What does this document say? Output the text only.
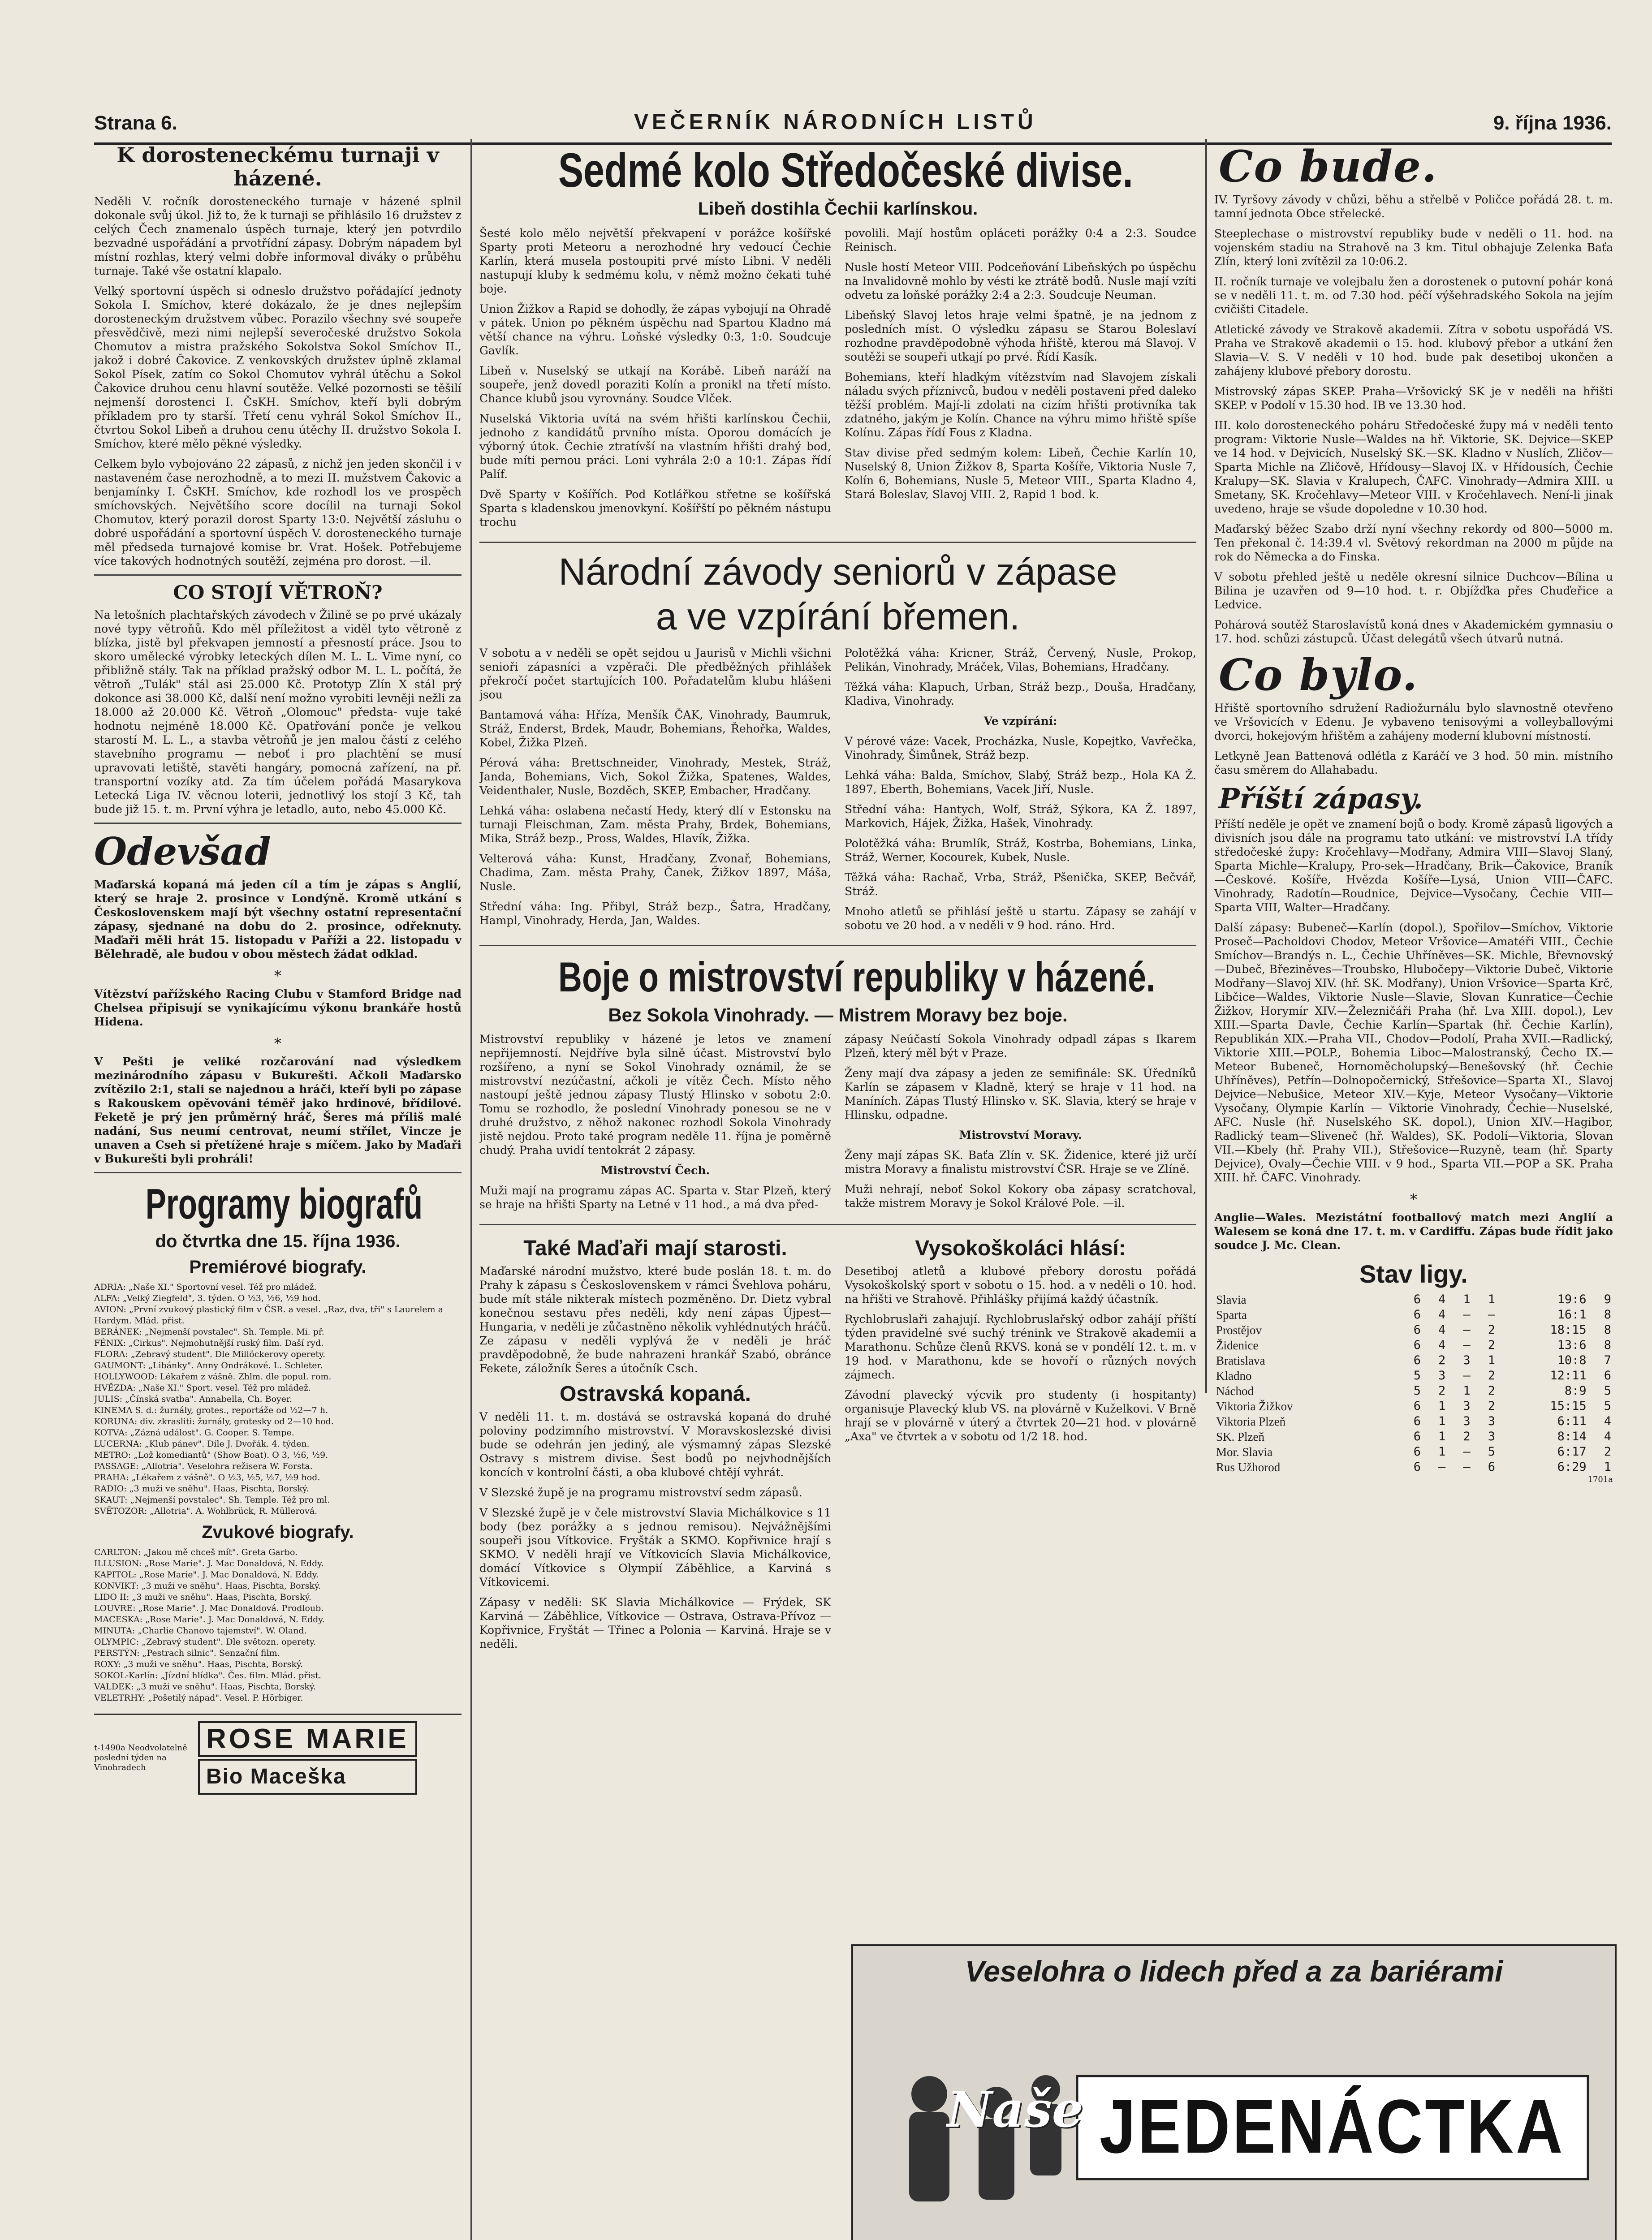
Strana 6.	VEČERNÍK NÁRODNÍCH LISTŮ	9. října 1936.
K dorosteneckému turnaji v házené.

Neděli V. ročník dorosteneckého turnaje v házené splnil dokonale svůj úkol. Již to, že k turnaji se přihlásilo 16 družstev z celých Čech znamenalo úspěch turnaje, který jen potvrdilo bezvadné uspořádání a prvotřídní zápasy. Dobrým nápadem byl místní rozhlas, který velmi dobře informoval diváky o průběhu turnaje. Také vše ostatní klapalo.

Velký sportovní úspěch si odneslo družstvo pořádající jednoty Sokola I. Smíchov, které dokázalo, že je dnes nejlepším dorosteneckým družstvem vůbec. Porazilo všechny své soupeře přesvědčivě, mezi nimi nejlepší severočeské družstvo Sokola Chomutov a mistra pražského Sokolstva Sokol Smíchov II., jakož i dobré Čakovice. Z venkovských družstev úplně zklamal Sokol Písek, zatím co Sokol Chomutov vyhrál útěchu a Sokol Čakovice druhou cenu hlavní soutěže. Velké pozornosti se těšilí nejmenší dorostenci I. ČsKH. Smíchov, kteří byli dobrým příkladem pro ty starší. Třetí cenu vyhrál Sokol Smíchov II., čtvrtou Sokol Libeň a druhou cenu útěchy II. družstvo Sokola I. Smíchov, které mělo pěkné výsledky.

Celkem bylo vybojováno 22 zápasů, z nichž jen jeden skončil i v nastaveném čase nerozhodně, a to mezi II. mužstvem Čakovic a benjamínky I. ČsKH. Smíchov, kde rozhodl los ve prospěch smíchovských. Největšího score docílil na turnaji Sokol Chomutov, který porazil dorost Sparty 13:0. Největší zásluhu o dobré uspořádání a sportovní úspěch V. dorosteneckého turnaje měl předseda turnajové komise br. Vrat. Hošek. Potřebujeme více takových hodnotných soutěží, zejména pro dorost. —il.

CO STOJÍ VĚTROŇ?

Na letošních plachtařských závodech v Žilině se po prvé ukázaly nové typy větroňů. Kdo měl příležitost a viděl tyto větroně z blízka, jistě byl překvapen jemností a přesností práce. Jsou to skoro umělecké výrobky leteckých dílen M. L. L. Vime nyní, co přibližně stály. Tak na příklad pražský odbor M. L. L. počítá, že větroň „Tulák" stál asi 25.000 Kč. Prototyp Zlín X stál prý dokonce asi 38.000 Kč, další není možno vyrobiti levněji nežli za 18.000 až 20.000 Kč. Větroň „Olomouc" předsta- vuje také hodnotu nejméně 18.000 Kč. Opatřování ponče je velkou starostí M. L. L., a stavba větroňů je jen malou částí z celého stavebního programu — neboť i pro plachtění se musí upravovati letiště, stavěti hangáry, pomocná zařízení, na př. transportní vozíky atd. Za tím účelem pořádá Masarykova Letecká Liga IV. věcnou loterii, jednotlivý los stojí 3 Kč, tah bude již 15. t. m. První výhra je letadlo, auto, nebo 45.000 Kč.

Odevšad

Maďarská kopaná má jeden cíl a tím je zápas s Anglií, který se hraje 2. prosince v Londýně. Kromě utkání s Československem mají být všechny ostatní representační zápasy, sjednané na dobu do 2. prosince, odřeknuty. Maďaři měli hrát 15. listopadu v Paříži a 22. listopadu v Bělehradě, ale budou v obou městech žádat odklad.

*

Vítězství pařížského Racing Clubu v Stamford Bridge nad Chelsea připisují se vynikajícímu výkonu brankáře hostů Hidena.

*

V Pešti je veliké rozčarování nad výsledkem mezinárodního zápasu v Bukurešti. Ačkoli Maďarsko zvítězilo 2:1, stali se najednou a hráči, kteří byli po zápase s Rakouskem opěvováni téměř jako hrdinové, břídilové. Feketě je prý jen průměrný hráč, Šeres má příliš malé nadání, Sus neumí centrovat, neumí střílet, Vincze je unaven a Cseh si přetížené hraje s míčem. Jako by Maďaři v Bukurešti byli prohráli!

Programy biografů
do čtvrtka dne 15. října 1936.
Premiérové biografy.
ADRIA: „Naše XI." Sportovní vesel. Též pro mládež.
ALFA: „Velký Ziegfeld", 3. týden. O ½3, ½6, ½9 hod.
AVION: „První zvukový plastický film v ČSR. a vesel. „Raz, dva, tři" s Laurelem a Hardym. Mlád. přist.
BERÁNEK: „Nejmenší povstalec". Sh. Temple. Mi. př.
FÉNIX: „Cirkus". Nejmohutnější ruský film. Daší ryd.
FLORA: „Zebravý student". Dle Millöckerovy operety.
GAUMONT: „Libánky". Anny Ondrákové. L. Schleter.
HOLLYWOOD: Lékařem z vášně. Zhlm. dle popul. rom.
HVĚZDA: „Naše XI." Sport. vesel. Též pro mládež.
JULIS: „Čínská svatba". Annabella, Ch. Boyer.
KINEMA S. d.: žurnály, grotes., reportáže od ½2—7 h.
KORUNA: div. zkrasliti: žurnály, grotesky od 2—10 hod.
KOTVA: „Zázná událost". G. Cooper. S. Tempe.
LUCERNA: „Klub pánev". Díle J. Dvořák. 4. týden.
METRO: „Lož komediantů" (Show Boat). O 3, ½6, ½9.
PASSAGE: „Allotria". Veselohra režisera W. Forsta.
PRAHA: „Lékařem z vášně". O ½3, ½5, ½7, ½9 hod.
RADIO: „3 muži ve sněhu". Haas, Pischta, Borský.
SKAUT: „Nejmenší povstalec". Sh. Temple. Též pro ml.
SVĚTOZOR: „Allotria". A. Wohlbrück, R. Müllerová.
Zvukové biografy.
CARLTON: „Jakou mě chceš mít". Greta Garbo.
ILLUSION: „Rose Marie". J. Mac Donaldová, N. Eddy.
KAPITOL: „Rose Marie". J. Mac Donaldová, N. Eddy.
KONVIKT: „3 muži ve sněhu". Haas, Pischta, Borský.
LIDO II: „3 muži ve sněhu". Haas, Pischta, Borský.
LOUVRE: „Rose Marie". J. Mac Donaldová. Prodloub.
MACESKA: „Rose Marie". J. Mac Donaldová, N. Eddy.
MINUTA: „Charlie Chanovo tajemství". W. Oland.
OLYMPIC: „Zebravý student". Dle světozn. operety.
PERSTÝN: „Pestrach silnic". Senzační film.
ROXY: „3 muži ve sněhu". Haas, Pischta, Borský.
SOKOL-Karlín: „Jízdní hlídka". Čes. film. Mlád. přist.
VALDEK: „3 muži ve sněhu". Haas, Pischta, Borský.
VELETRHY: „Pošetilý nápad". Vesel. P. Hörbiger.
t-1490a Neodvolatelně poslední týden na Vinohradech
ROSE MARIE
Bio Maceška
Sedmé kolo Středočeské divise.
Libeň dostihla Čechii karlínskou.

Šesté kolo mělo největší překvapení v porážce košířské Sparty proti Meteoru a nerozhodné hry vedoucí Čechie Karlín, která musela postoupiti prvé místo Libni. V neděli nastupují kluby k sedmému kolu, v němž možno čekati tuhé boje.

Union Žižkov a Rapid se dohodly, že zápas vybojují na Ohradě v pátek. Union po pěkném úspěchu nad Spartou Kladno má větší chance na výhru. Loňské výsledky 0:3, 1:0. Soudcuje Gavlík.

Libeň v. Nuselský se utkají na Korábě. Libeň naráží na soupeře, jenž dovedl poraziti Kolín a pronikl na třetí místo. Chance klubů jsou vyrovnány. Soudce Vlček.

Nuselská Viktoria uvítá na svém hřišti karlínskou Čechii, jednoho z kandidátů prvního místa. Oporou domácích je výborný útok. Čechie ztratívší na vlastním hřišti drahý bod, bude míti pernou práci. Loni vyhrála 2:0 a 10:1. Zápas řídí Palíf.

Dvě Sparty v Košířích. Pod Kotlářkou střetne se košířská Sparta s kladenskou jmenovkyní. Košířští po pěkném nástupu trochu

povolili. Mají hostům opláceti porážky 0:4 a 2:3. Soudce Reinisch.

Nusle hostí Meteor VIII. Podceňování Libeňských po úspěchu na Invalidovně mohlo by vésti ke ztrátě bodů. Nusle mají vzíti odvetu za loňské porážky 2:4 a 2:3. Soudcuje Neuman.

Libeňský Slavoj letos hraje velmi špatně, je na jednom z posledních míst. O výsledku zápasu se Starou Boleslaví rozhodne pravděpodobně výhoda hřiště, kterou má Slavoj. V soutěži se soupeři utkají po prvé. Řídí Kasík.

Bohemians, kteří hladkým vítězstvím nad Slavojem získali náladu svých příznivců, budou v neděli postaveni před daleko těžší problém. Mají-li zdolati na cizím hřišti protivníka tak zdatného, jakým je Kolín. Chance na výhru mimo hřiště spíše Kolínu. Zápas řídí Fous z Kladna.

Stav divise před sedmým kolem: Libeň, Čechie Karlín 10, Nuselský 8, Union Žižkov 8, Sparta Košíře, Viktoria Nusle 7, Kolín 6, Bohemians, Nusle 5, Meteor VIII., Sparta Kladno 4, Stará Boleslav, Slavoj VIII. 2, Rapid 1 bod. k.

Národní závody seniorů v zápase
a ve vzpírání břemen.

V sobotu a v neděli se opět sejdou u Jaurisů v Michli všichni senioři zápasníci a vzpěrači. Dle předběžných přihlášek překročí počet startujících 100. Pořadatelům klubu hlášeni jsou

Bantamová váha: Hříza, Menšík ČAK, Vinohrady, Baumruk, Stráž, Enderst, Brdek, Maudr, Bohemians, Řehořka, Waldes, Kobel, Žižka Plzeň.

Pérová váha: Brettschneider, Vinohrady, Mestek, Stráž, Janda, Bohemians, Vich, Sokol Žižka, Spatenes, Waldes, Veidenthaler, Nusle, Bozděch, SKEP, Embacher, Hradčany.

Lehká váha: oslabena nečastí Hedy, který dlí v Estonsku na turnaji Fleischman, Zam. města Prahy, Brdek, Bohemians, Mika, Stráž bezp., Pross, Waldes, Hlavík, Žižka.

Velterová váha: Kunst, Hradčany, Zvonař, Bohemians, Chadima, Zam. města Prahy, Čanek, Žižkov 1897, Máša, Nusle.

Střední váha: Ing. Přibyl, Stráž bezp., Šatra, Hradčany, Hampl, Vinohrady, Herda, Jan, Waldes.

Polotěžká váha: Kricner, Stráž, Červený, Nusle, Prokop, Pelikán, Vinohrady, Mráček, Vilas, Bohemians, Hradčany.

Těžká váha: Klapuch, Urban, Stráž bezp., Douša, Hradčany, Kladiva, Vinohrady.

Ve vzpírání:

V pérové váze: Vacek, Procházka, Nusle, Kopejtko, Vavřečka, Vinohrady, Šimůnek, Stráž bezp.

Lehká váha: Balda, Smíchov, Slabý, Stráž bezp., Hola KA Ž. 1897, Eberth, Bohemians, Vacek Jiří, Nusle.

Střední váha: Hantych, Wolf, Stráž, Sýkora, KA Ž. 1897, Markovich, Hájek, Žižka, Hašek, Vinohrady.

Polotěžká váha: Brumlík, Stráž, Kostrba, Bohemians, Linka, Stráž, Werner, Kocourek, Kubek, Nusle.

Těžká váha: Rachač, Vrba, Stráž, Pšenička, SKEP, Bečvář, Stráž.

Mnoho atletů se přihlásí ještě u startu. Zápasy se zahájí v sobotu ve 20 hod. a v neděli v 9 hod. ráno. Hrd.

Boje o mistrovství republiky v házené.
Bez Sokola Vinohrady. — Mistrem Moravy bez boje.

Mistrovství republiky v házené je letos ve znamení nepřijemností. Nejdříve byla silně účast. Mistrovství bylo rozšířeno, a nyní se Sokol Vinohrady oznámil, že se mistrovství nezúčastní, ačkoli je vítěz Čech. Místo něho nastoupí ještě jednou zápasy Tlustý Hlinsko v sobotu 2:0. Tomu se rozhodlo, že poslední Vinohrady ponesou se ne v druhé družstvo, z něhož nakonec rozhodl Sokola Vinohrady jistě nejdou. Proto také program neděle 11. října je poměrně chudý. Praha uvidí tentokrát 2 zápasy.

Mistrovství Čech.

Muži mají na programu zápas AC. Sparta v. Star Plzeň, který se hraje na hřišti Sparty na Letné v 11 hod., a má dva před-

zápasy Neúčastí Sokola Vinohrady odpadl zápas s Ikarem Plzeň, který měl být v Praze.

Ženy mají dva zápasy a jeden ze semifinále: SK. Úředníků Karlín se zápasem v Kladně, který se hraje v 11 hod. na Maníních. Zápas Tlustý Hlinsko v. SK. Slavia, který se hraje v Hlinsku, odpadne.

Mistrovství Moravy.

Ženy mají zápas SK. Baťa Zlín v. SK. Židenice, které již určí mistra Moravy a finalistu mistrovství ČSR. Hraje se ve Zlíně.

Muži nehrají, neboť Sokol Kokory oba zápasy scratchoval, takže mistrem Moravy je Sokol Králové Pole. —il.

Také Maďaři mají starosti.

Maďarské národní mužstvo, které bude poslán 18. t. m. do Prahy k zápasu s Československem v rámci Švehlova poháru, bude mít stále nikterak místech pozměněno. Dr. Dietz vybral konečnou sestavu přes neděli, kdy není zápas Újpest—Hungaria, v neděli je zůčastněno několik vyhlédnutých hráčů. Ze zápasu v neděli vyplývá že v neděli je hráč pravděpodobně, že bude nahrazeni hrankář Szabó, obránce Fekete, záložník Šeres a útočník Csch.

Ostravská kopaná.

V neděli 11. t. m. dostává se ostravská kopaná do druhé poloviny podzimního mistrovství. V Moravskoslezské divisi bude se odehrán jen jediný, ale výsmamný zápas Slezské Ostravy s mistrem divise. Šest bodů po nejvhodnějších koncích v kontrolní části, a oba klubové chtějí vyhrát.

V Slezské župě je na programu mistrovství sedm zápasů.

V Slezské župě je v čele mistrovství Slavia Michálkovice s 11 body (bez porážky a s jednou remisou). Nejvážnějšími soupeři jsou Vítkovice. Fryšták a SKMO. Kopřivnice hrají s SKMO. V neděli hrají ve Vítkovicích Slavia Michálkovice, domácí Vítkovice s Olympií Záběhlice, a Karviná s Vítkovicemi.

Zápasy v neděli: SK Slavia Michálkovice — Frýdek, SK Karviná — Záběhlice, Vítkovice — Ostrava, Ostrava-Přívoz — Kopřivnice, Fryštát — Třinec a Polonia — Karviná. Hraje se v neděli.

Vysokoškoláci hlásí:

Desetiboj atletů a klubové přebory dorostu pořádá Vysokoškolský sport v sobotu o 15. hod. a v neděli o 10. hod. na hřišti ve Strahově. Přihlášky přijímá každý účastník.

Rychlobruslaři zahajují. Rychlobruslařský odbor zahájí příští týden pravidelné své suchý trénink ve Strakově akademii a Marathonu. Schůze členů RKVS. koná se v pondělí 12. t. m. v 19 hod. v Marathonu, kde se hovoří o různých nových zájmech.

Závodní plavecký výcvik pro studenty (i hospitanty) organisuje Plavecký klub VS. na plovárně v Kuželkovi. V Brně hrají se v plovárně v úterý a čtvrtek 20—21 hod. v plovárně „Axa" ve čtvrtek a v sobotu od 1/2 18. hod.

Co bude.

IV. Tyršovy závody v chůzi, běhu a střelbě v Poličce pořádá 28. t. m. tamní jednota Obce střelecké.

Steeplechase o mistrovství republiky bude v neděli o 11. hod. na vojenském stadiu na Strahově na 3 km. Titul obhajuje Zelenka Baťa Zlín, který loni zvítězil za 10:06.2.

II. ročník turnaje ve volejbalu žen a dorostenek o putovní pohár koná se v neděli 11. t. m. od 7.30 hod. péčí výšehradského Sokola na jejím cvičišti Citadele.

Atletické závody ve Strakově akademii. Zítra v sobotu uspořádá VS. Praha ve Strakově akademii o 15. hod. klubový přebor a utkání žen Slavia—V. S. V neděli v 10 hod. bude pak desetiboj ukončen a zahájeny klubové přebory dorostu.

Mistrovský zápas SKEP. Praha—Vršovický SK je v neděli na hřišti SKEP. v Podolí v 15.30 hod. IB ve 13.30 hod.

III. kolo dorosteneckého poháru Středočeské župy má v neděli tento program: Viktorie Nusle—Waldes na hř. Viktorie, SK. Dejvice—SKEP ve 14 hod. v Dejvicích, Nuselský SK.—SK. Kladno v Nuslích, Zličov—Sparta Michle na Zličově, Hřídousy—Slavoj IX. v Hřídousích, Čechie Kralupy—SK. Slavia v Kralupech, ČAFC. Vinohrady—Admira XIII. u Smetany, SK. Kročehlavy—Meteor VIII. v Kročehlavech. Není-li jinak uvedeno, hraje se všude dopoledne v 10.30 hod.

Maďarský běžec Szabo drží nyní všechny rekordy od 800—5000 m. Ten překonal č. 14:39.4 vl. Světový rekordman na 2000 m půjde na rok do Německa a do Finska.

V sobotu přehled ještě u neděle okresní silnice Duchcov—Bílina u Bilina je uzavřen od 9—10 hod. t. r. Objížďka přes Chuďeřice a Ledvice.

Pohárová soutěž Staroslavístů koná dnes v Akademickém gymnasiu o 17. hod. schůzi zástupců. Účast delegátů všech útvarů nutná.

Co bylo.

Hřiště sportovního sdružení Radiožurnálu bylo slavnostně otevřeno ve Vršovicích v Edenu. Je vybaveno tenisovými a volleyballovými dvorci, hokejovým hřištěm a zahájeny moderní klubovní místností.

Letkyně Jean Battenová odlétla z Karáčí ve 3 hod. 50 min. místního času směrem do Allahabadu.

Příští zápasy.

Příští neděle je opět ve znamení bojů o body. Kromě zápasů ligových a divisních jsou dále na programu tato utkání: ve mistrovství I.A třídy středočeské župy: Kročehlavy—Modřany, Admira VIII—Slavoj Slaný, Sparta Michle—Kralupy, Pro-sek—Hradčany, Brik—Čakovice, Braník—Českové. Košíře, Hvězda Košíře—Lysá, Union VIII—ČAFC. Vinohrady, Radotín—Roudnice, Dejvice—Vysočany, Čechie VIII—Sparta VIII, Walter—Hradčany.

Další zápasy: Bubeneč—Karlín (dopol.), Spořilov—Smíchov, Viktorie Proseč—Pacholdovi Chodov, Meteor Vršovice—Amatéři VIII., Čechie Smíchov—Brandýs n. L., Čechie Uhříněves—SK. Michle, Břevnovský—Dubeč, Březiněves—Troubsko, Hlubočepy—Viktorie Dubeč, Viktorie Modřany—Slavoj XIV. (hř. SK. Modřany), Union Vršovice—Sparta Krč, Libčice—Waldes, Viktorie Nusle—Slavie, Slovan Kunratice—Čechie Žižkov, Horymír XIV.—Železničáři Praha (hř. Lva XIII. dopol.), Lev XIII.—Sparta Davle, Čechie Karlín—Spartak (hř. Čechie Karlín), Republikán XIX.—Praha VII., Chodov—Podolí, Praha XVII.—Radlický, Viktorie XIII.—POLP., Bohemia Liboc—Malostranský, Čecho IX.—Meteor Bubeneč, Hornoměcholupský—Benešovský (hř. Čechie Uhříněves), Petřín—Dolnopočernický, Střešovice—Sparta XI., Slavoj Dejvice—Nebušice, Meteor XIV.—Kyje, Meteor Vysočany—Viktorie Vysočany, Olympie Karlín — Viktorie Vinohrady, Čechie—Nuselské, AFC. Nusle (hř. Nuselského SK. dopol.), Union XIV.—Hagibor, Radlický team—Sliveneč (hř. Waldes), SK. Podolí—Viktoria, Slovan VII.—Kbely (hř. Prahy VII.), Střešovice—Ruzyně, team (hř. Sparty Dejvice), Ovaly—Čechie VIII. v 9 hod., Sparta VII.—POP a SK. Praha XIII. hř. ČAFC. Vinohrady.

*

Anglie—Wales. Mezistátní footballový match mezi Anglií a Walesem se koná dne 17. t. m. v Cardiffu. Zápas bude řídit jako soudce J. Mc. Clean.

Stav ligy.
Slavia	6	4	1	1	19:6	9
Sparta	6	4	—	—	16:1	8
Prostějov	6	4	—	2	18:15	8
Židenice	6	4	—	2	13:6	8
Bratislava	6	2	3	1	10:8	7
Kladno	5	3	—	2	12:11	6
Náchod	5	2	1	2	8:9	5
Viktoria Žižkov	6	1	3	2	15:15	5
Viktoria Plzeň	6	1	3	3	6:11	4
SK. Plzeň	6	1	2	3	8:14	4
Mor. Slavia	6	1	—	5	6:17	2
Rus Užhorod	6	—	—	6	6:29	1
1701a
Veselohra o lidech před a za bariérami
Naše JEDENÁCTKA
